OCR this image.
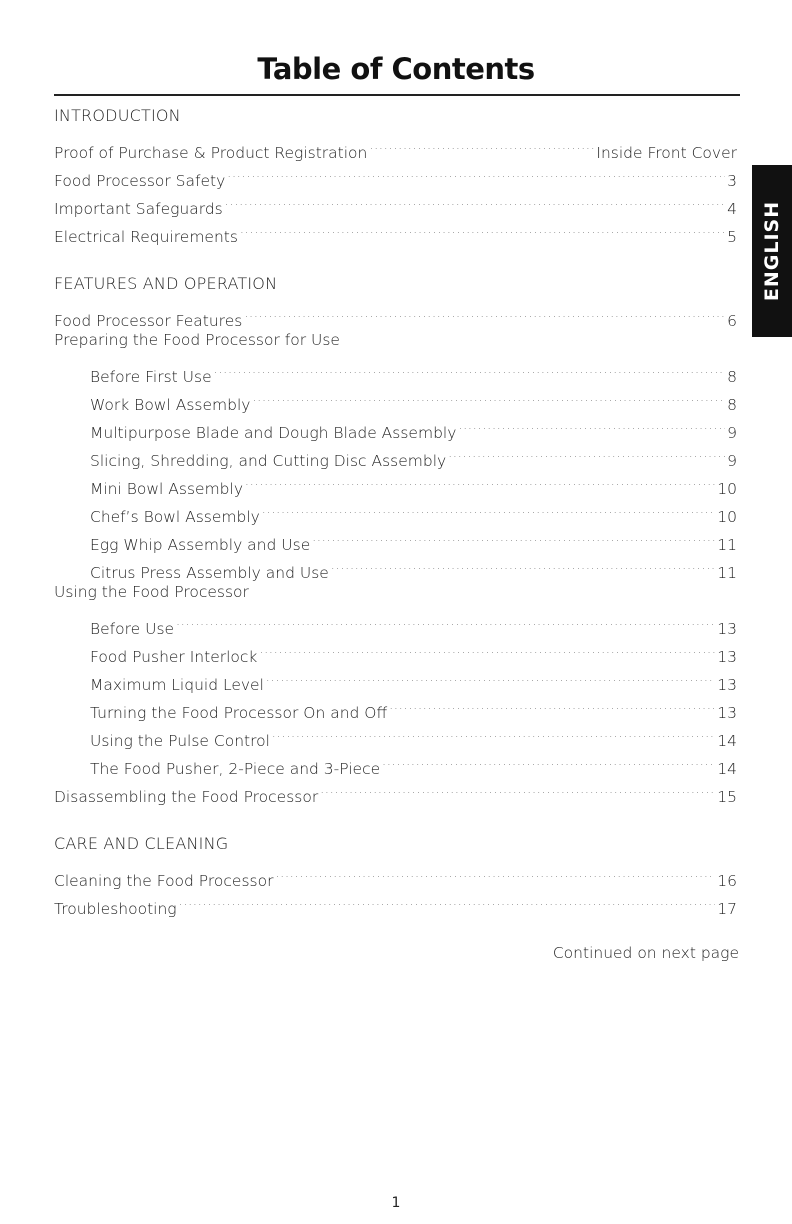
Table of Contents
INTRODUCTION
Proof of Purchase & Product Registration .....	Inside Front Cover
Food Processor Safety .....	3
Important Safeguards .....	4
Electrical Requirements .....	5
FEATURES AND OPERATION
Food Processor Features .....	6
Preparing the Food Processor for Use
Before First Use .....	8
Work Bowl Assembly .....	8
Multipurpose Blade and Dough Blade Assembly .....	9
Slicing, Shredding, and Cutting Disc Assembly .....	9
Mini Bowl Assembly .....	10
Chef’s Bowl Assembly .....	10
Egg Whip Assembly and Use .....	11
Citrus Press Assembly and Use .....	11
Using the Food Processor
Before Use .....	13
Food Pusher Interlock .....	13
Maximum Liquid Level .....	13
Turning the Food Processor On and Off .....	13
Using the Pulse Control .....	14
The Food Pusher, 2-Piece and 3-Piece .....	14
Disassembling the Food Processor .....	15
CARE AND CLEANING
Cleaning the Food Processor .....	16
Troubleshooting .....	17
Continued on next page
1
ENGLISH
